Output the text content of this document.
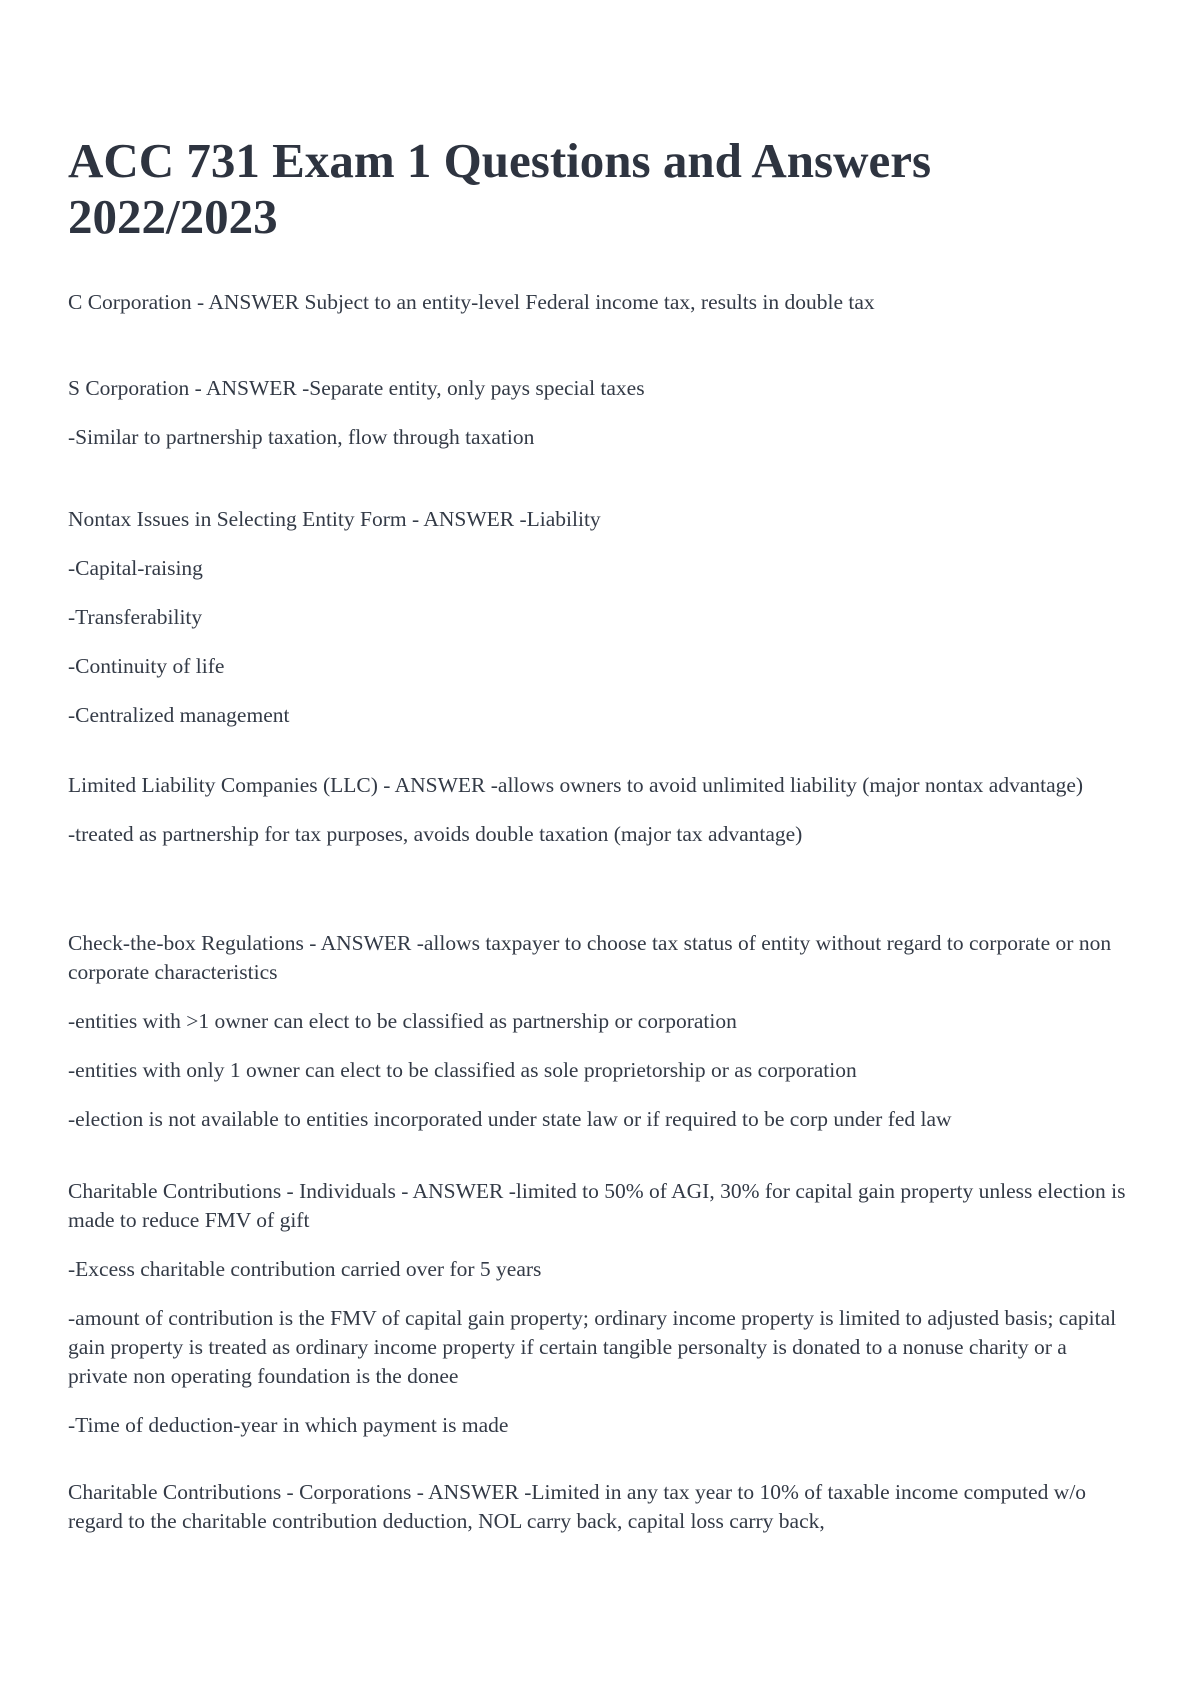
ACC 731 Exam 1 Questions and Answers 2022/2023

C Corporation - ANSWER Subject to an entity-level Federal income tax, results in double tax

S Corporation - ANSWER -Separate entity, only pays special taxes

-Similar to partnership taxation, flow through taxation

Nontax Issues in Selecting Entity Form - ANSWER -Liability

-Capital-raising

-Transferability

-Continuity of life

-Centralized management

Limited Liability Companies (LLC) - ANSWER -allows owners to avoid unlimited liability (major nontax advantage)

-treated as partnership for tax purposes, avoids double taxation (major tax advantage)

Check-the-box Regulations - ANSWER -allows taxpayer to choose tax status of entity without regard to corporate or non corporate characteristics

-entities with >1 owner can elect to be classified as partnership or corporation

-entities with only 1 owner can elect to be classified as sole proprietorship or as corporation

-election is not available to entities incorporated under state law or if required to be corp under fed law

Charitable Contributions - Individuals - ANSWER -limited to 50% of AGI, 30% for capital gain property unless election is made to reduce FMV of gift

-Excess charitable contribution carried over for 5 years

-amount of contribution is the FMV of capital gain property; ordinary income property is limited to adjusted basis; capital gain property is treated as ordinary income property if certain tangible personalty is donated to a nonuse charity or a private non operating foundation is the donee

-Time of deduction-year in which payment is made

Charitable Contributions - Corporations - ANSWER -Limited in any tax year to 10% of taxable income computed w/o regard to the charitable contribution deduction, NOL carry back, capital loss carry back,
